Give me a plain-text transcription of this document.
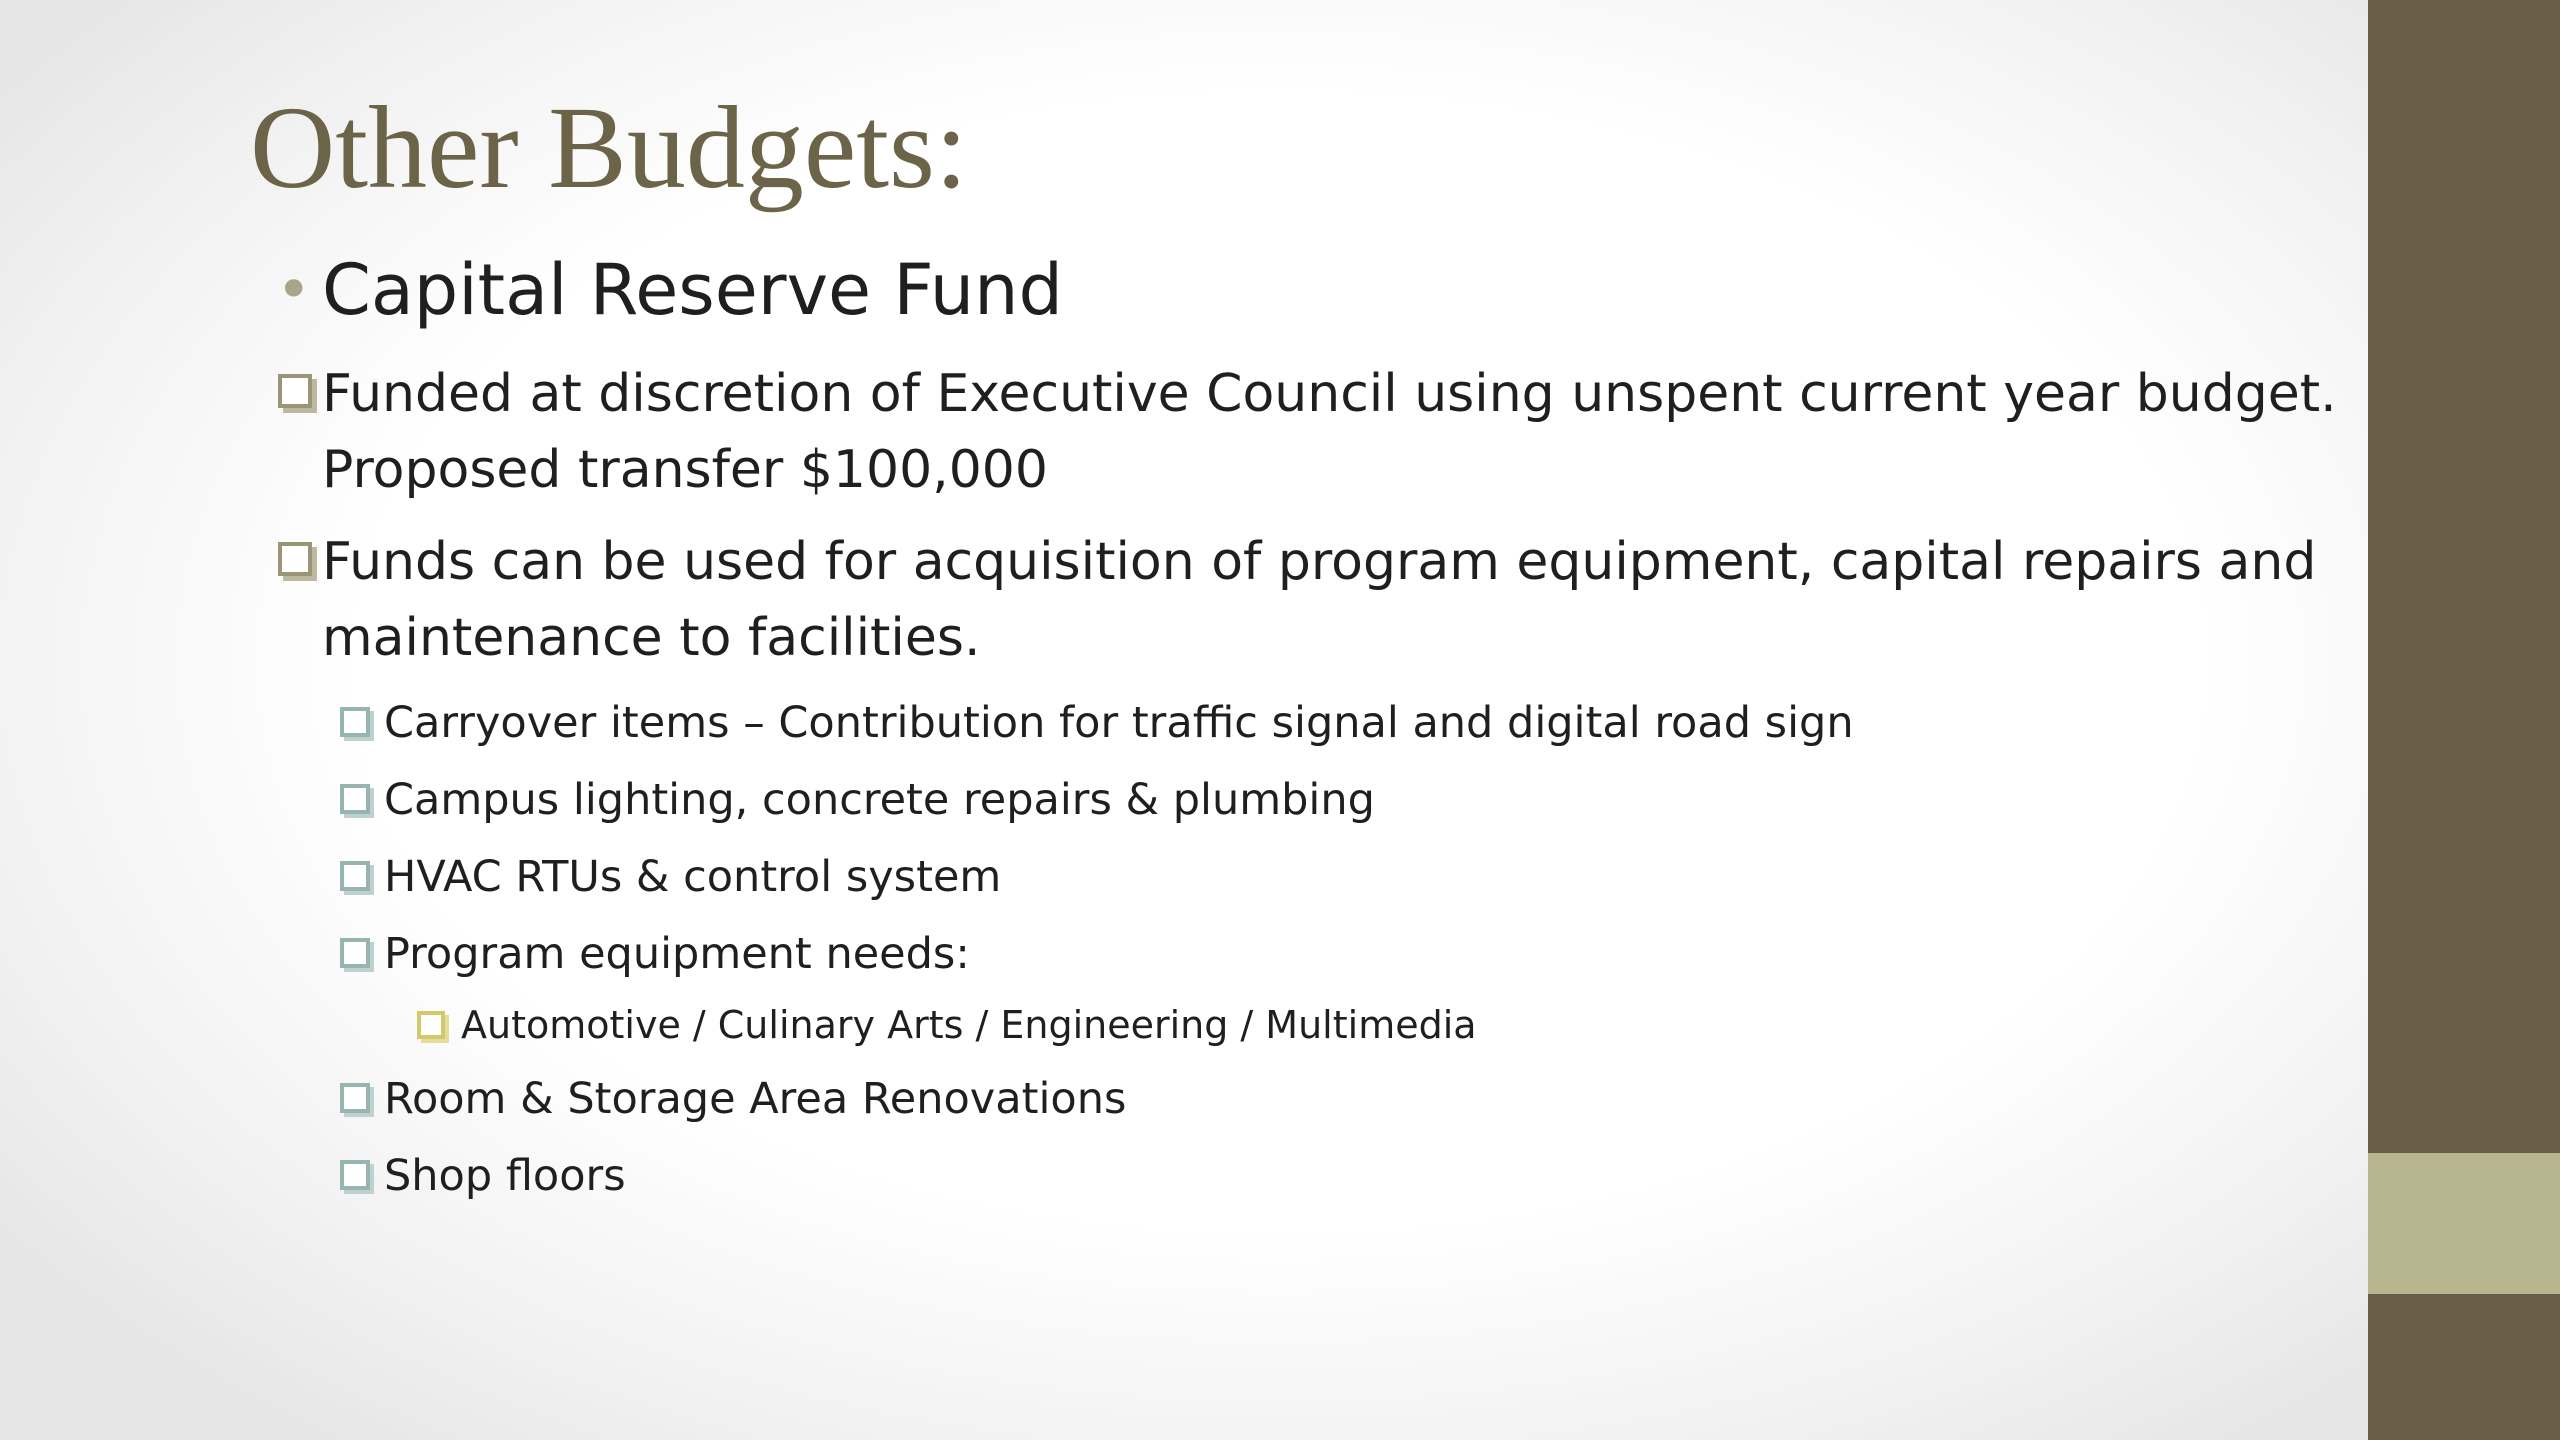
Other Budgets:
• Capital Reserve Fund
Funded at discretion of Executive Council using unspent current year budget.
Proposed transfer $100,000
Funds can be used for acquisition of program equipment, capital repairs and
maintenance to facilities.
Carryover items – Contribution for traffic signal and digital road sign
Campus lighting, concrete repairs & plumbing
HVAC RTUs & control system
Program equipment needs:
Automotive / Culinary Arts / Engineering / Multimedia
Room & Storage Area Renovations
Shop floors
